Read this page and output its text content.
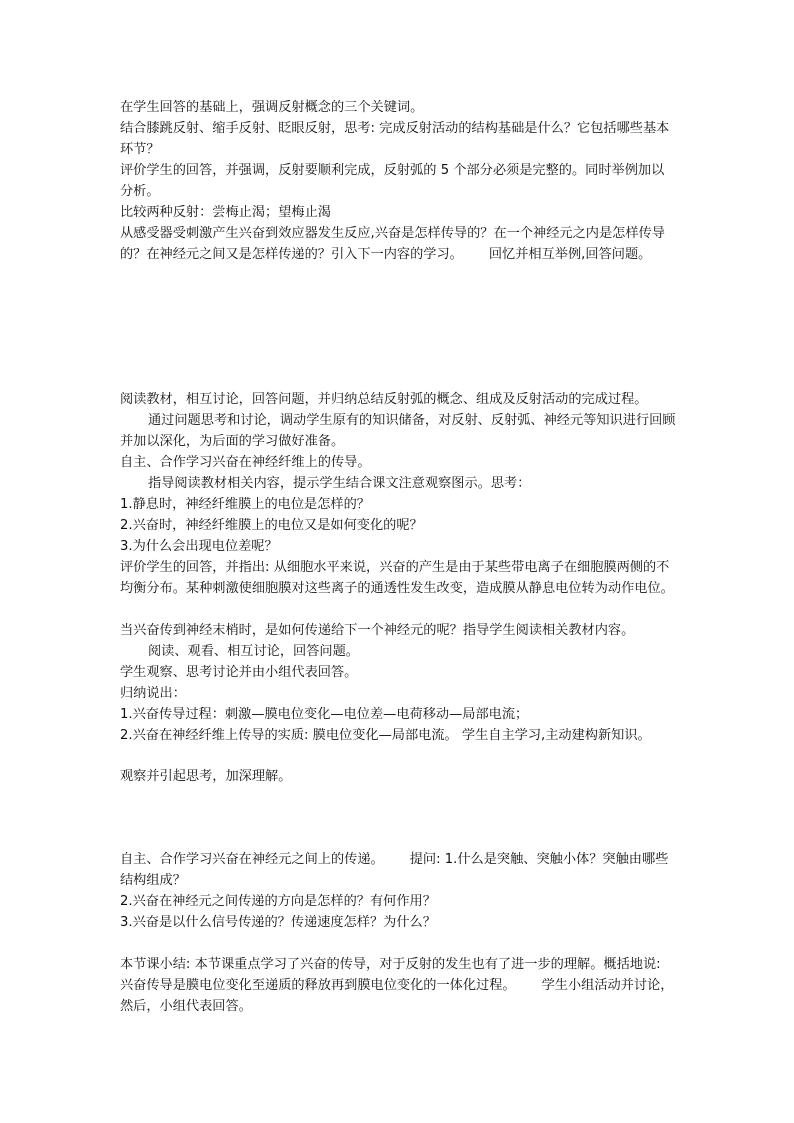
在学生回答的基础上，强调反射概念的三个关键词。

结合膝跳反射、缩手反射、眨眼反射，思考: 完成反射活动的结构基础是什么？它包括哪些基本环节？

评价学生的回答，并强调，反射要顺利完成，反射弧的 5 个部分必须是完整的。同时举例加以分析。

比较两种反射：尝梅止渴；望梅止渴

从感受器受刺激产生兴奋到效应器发生反应,兴奋是怎样传导的？在一个神经元之内是怎样传导的？在神经元之间又是怎样传递的？引入下一内容的学习。 回忆并相互举例,回答问题。

阅读教材，相互讨论，回答问题，并归纳总结反射弧的概念、组成及反射活动的完成过程。

通过问题思考和讨论，调动学生原有的知识储备，对反射、反射弧、神经元等知识进行回顾并加以深化，为后面的学习做好准备。

自主、合作学习兴奋在神经纤维上的传导。

指导阅读教材相关内容，提示学生结合课文注意观察图示。思考：

1.静息时，神经纤维膜上的电位是怎样的？

2.兴奋时，神经纤维膜上的电位又是如何变化的呢？

3.为什么会出现电位差呢？

评价学生的回答，并指出: 从细胞水平来说，兴奋的产生是由于某些带电离子在细胞膜两侧的不均衡分布。某种刺激使细胞膜对这些离子的通透性发生改变，造成膜从静息电位转为动作电位。

当兴奋传到神经末梢时，是如何传递给下一个神经元的呢？指导学生阅读相关教材内容。

阅读、观看、相互讨论，回答问题。

学生观察、思考讨论并由小组代表回答。

归纳说出：

1.兴奋传导过程：刺激—膜电位变化—电位差—电荷移动—局部电流；

2.兴奋在神经纤维上传导的实质: 膜电位变化—局部电流。 学生自主学习,主动建构新知识。

观察并引起思考，加深理解。

自主、合作学习兴奋在神经元之间上的传递。 提问: 1.什么是突触、突触小体？突触由哪些结构组成？

2.兴奋在神经元之间传递的方向是怎样的？有何作用？

3.兴奋是以什么信号传递的？传递速度怎样？为什么？

本节课小结: 本节课重点学习了兴奋的传导，对于反射的发生也有了进一步的理解。概括地说: 兴奋传导是膜电位变化至递质的释放再到膜电位变化的一体化过程。 学生小组活动并讨论，然后，小组代表回答。
